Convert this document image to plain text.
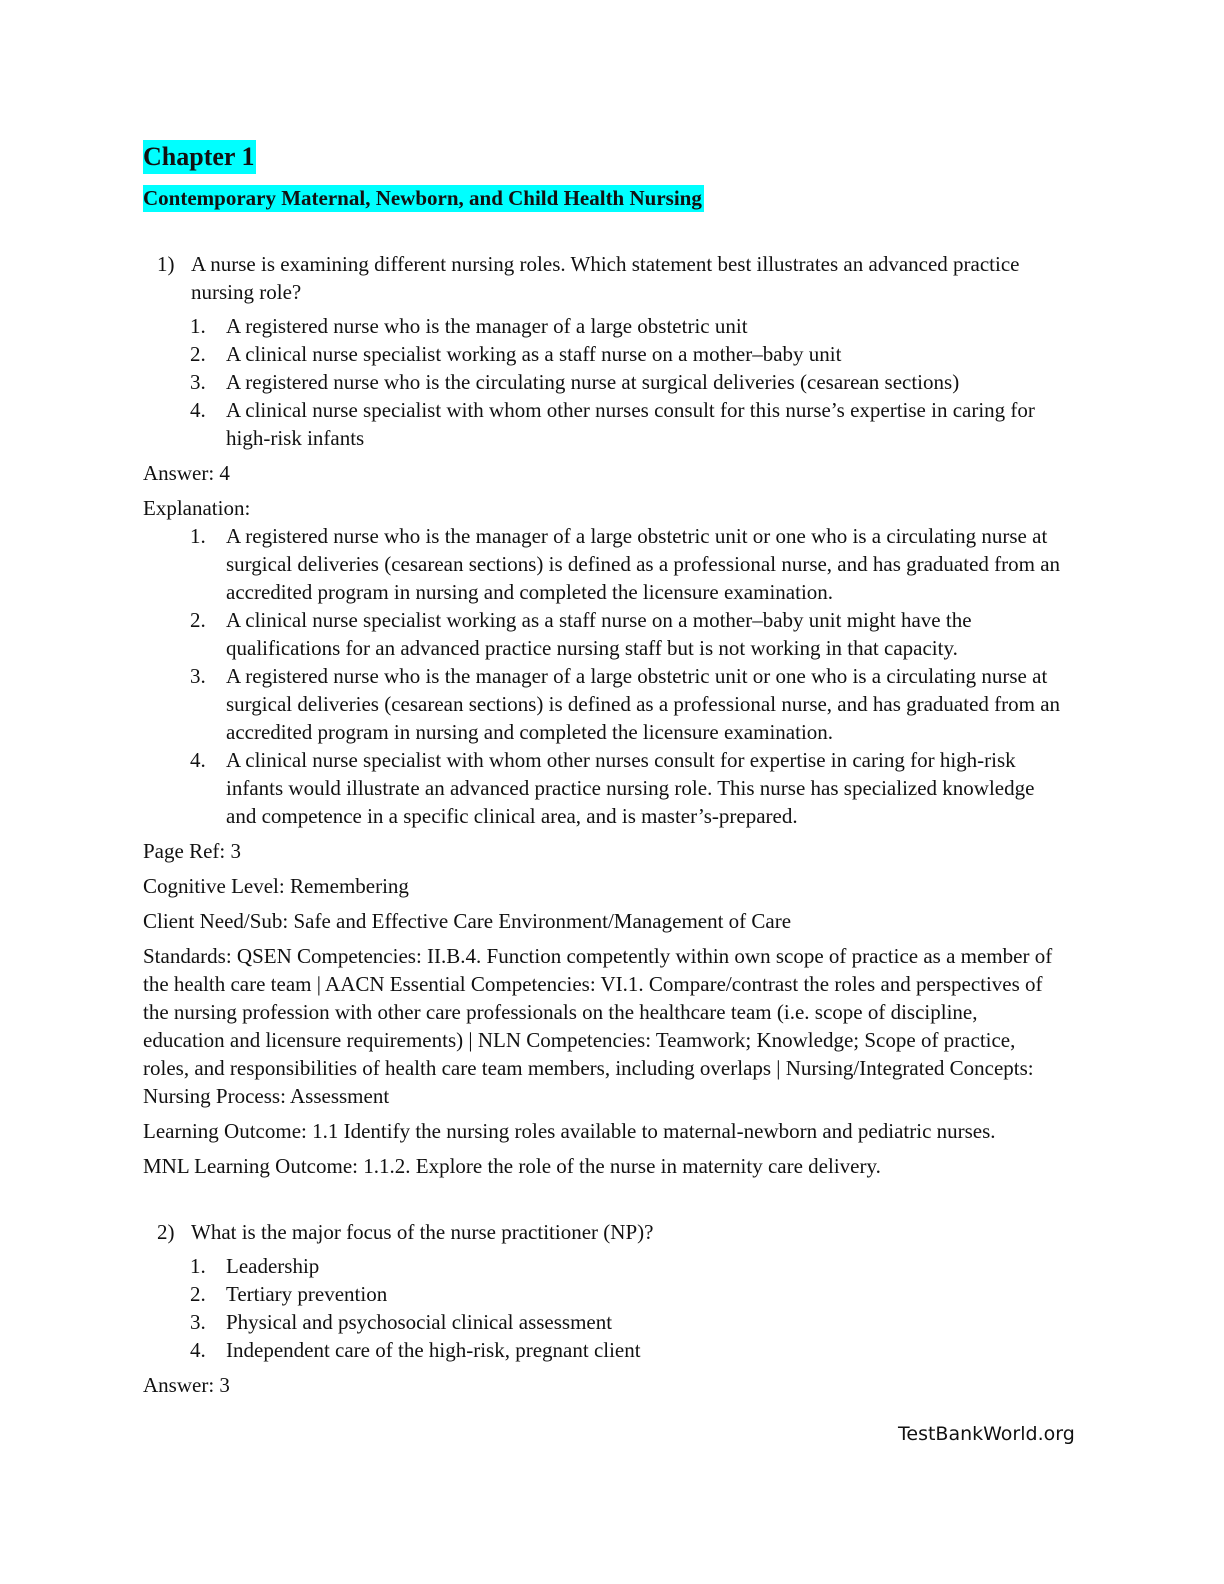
Chapter 1
Contemporary Maternal, Newborn, and Child Health Nursing
1) A nurse is examining different nursing roles. Which statement best illustrates an advanced practice nursing role?
1. A registered nurse who is the manager of a large obstetric unit
2. A clinical nurse specialist working as a staff nurse on a mother–baby unit
3. A registered nurse who is the circulating nurse at surgical deliveries (cesarean sections)
4. A clinical nurse specialist with whom other nurses consult for this nurse’s expertise in caring for high-risk infants
Answer: 4
Explanation:
1. A registered nurse who is the manager of a large obstetric unit or one who is a circulating nurse at surgical deliveries (cesarean sections) is defined as a professional nurse, and has graduated from an accredited program in nursing and completed the licensure examination.
2. A clinical nurse specialist working as a staff nurse on a mother–baby unit might have the qualifications for an advanced practice nursing staff but is not working in that capacity.
3. A registered nurse who is the manager of a large obstetric unit or one who is a circulating nurse at surgical deliveries (cesarean sections) is defined as a professional nurse, and has graduated from an accredited program in nursing and completed the licensure examination.
4. A clinical nurse specialist with whom other nurses consult for expertise in caring for high-risk infants would illustrate an advanced practice nursing role. This nurse has specialized knowledge and competence in a specific clinical area, and is master’s-prepared.
Page Ref: 3
Cognitive Level: Remembering
Client Need/Sub: Safe and Effective Care Environment/Management of Care
Standards: QSEN Competencies: II.B.4. Function competently within own scope of practice as a member of the health care team | AACN Essential Competencies: VI.1. Compare/contrast the roles and perspectives of the nursing profession with other care professionals on the healthcare team (i.e. scope of discipline, education and licensure requirements) | NLN Competencies: Teamwork; Knowledge; Scope of practice, roles, and responsibilities of health care team members, including overlaps | Nursing/Integrated Concepts: Nursing Process: Assessment
Learning Outcome: 1.1 Identify the nursing roles available to maternal-newborn and pediatric nurses.
MNL Learning Outcome: 1.1.2. Explore the role of the nurse in maternity care delivery.
2) What is the major focus of the nurse practitioner (NP)?
1. Leadership
2. Tertiary prevention
3. Physical and psychosocial clinical assessment
4. Independent care of the high-risk, pregnant client
Answer: 3
TestBankWorld.org
